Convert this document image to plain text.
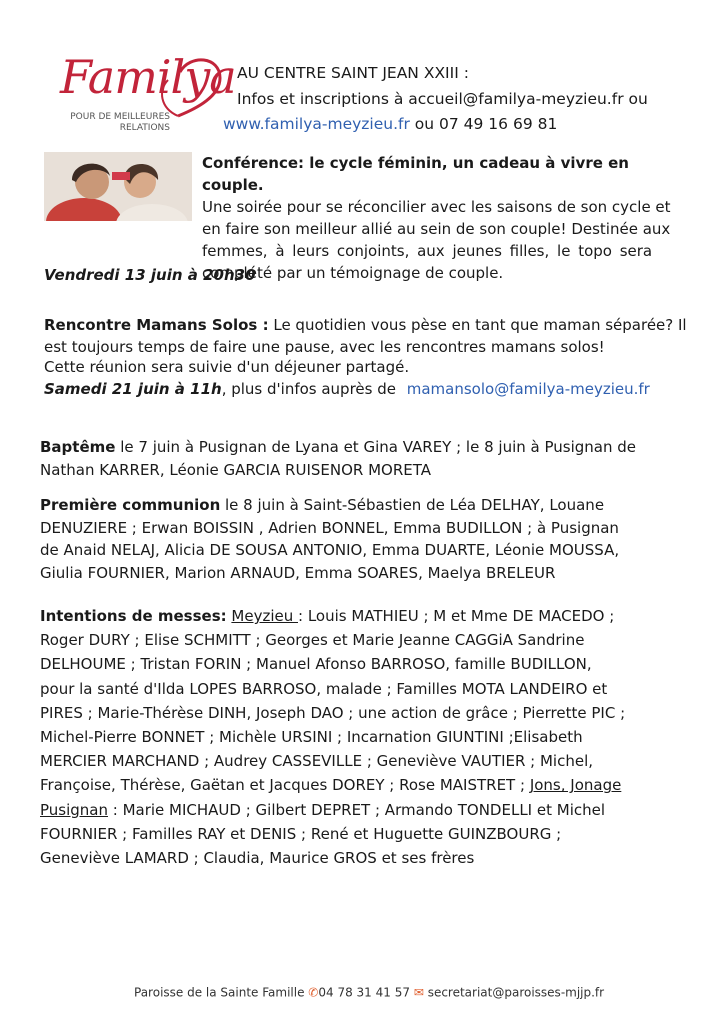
Familya
POUR DE MEILLEURES
RELATIONS
AU CENTRE SAINT JEAN XXIII :
Infos et inscriptions à accueil@familya-meyzieu.fr ou
www.familya-meyzieu.fr ou 07 49 16 69 81
Conférence: le cycle féminin, un cadeau à vivre en couple.
Une soirée pour se réconcilier avec les saisons de son cycle et
en faire son meilleur allié au sein de son couple! Destinée aux
femmes, à leurs conjoints, aux jeunes filles, le topo sera
complété par un témoignage de couple.
Vendredi 13 juin à 20h30
Rencontre Mamans Solos : Le quotidien vous pèse en tant que maman séparée? Il
est toujours temps de faire une pause, avec les rencontres mamans solos!
Cette réunion sera suivie d'un déjeuner partagé.
Samedi 21 juin à 11h, plus d'infos auprès de mamansolo@familya-meyzieu.fr
Baptême le 7 juin à Pusignan de Lyana et Gina VAREY ; le 8 juin à Pusignan de
Nathan KARRER, Léonie GARCIA RUISENOR MORETA
Première communion le 8 juin à Saint-Sébastien de Léa DELHAY, Louane
DENUZIERE ; Erwan BOISSIN , Adrien BONNEL, Emma BUDILLON ; à Pusignan
de Anaid NELAJ, Alicia DE SOUSA ANTONIO, Emma DUARTE, Léonie MOUSSA,
Giulia FOURNIER, Marion ARNAUD, Emma SOARES, Maelya BRELEUR
Intentions de messes: Meyzieu : Louis MATHIEU ; M et Mme DE MACEDO ;
Roger DURY ; Elise SCHMITT ; Georges et Marie Jeanne CAGGiA Sandrine
DELHOUME ; Tristan FORIN ; Manuel Afonso BARROSO, famille BUDILLON,
pour la santé d'Ilda LOPES BARROSO, malade ; Familles MOTA LANDEIRO et
PIRES ; Marie-Thérèse DINH, Joseph DAO ; une action de grâce ; Pierrette PIC ;
Michel-Pierre BONNET ; Michèle URSINI ; Incarnation GIUNTINI ;Elisabeth
MERCIER MARCHAND ; Audrey CASSEVILLE ; Geneviève VAUTIER ; Michel,
Françoise, Thérèse, Gaëtan et Jacques DOREY ; Rose MAISTRET ; Jons, Jonage
Pusignan : Marie MICHAUD ; Gilbert DEPRET ; Armando TONDELLI et Michel
FOURNIER ; Familles RAY et DENIS ; René et Huguette GUINZBOURG ;
Geneviève LAMARD ; Claudia, Maurice GROS et ses frères
Paroisse de la Sainte Famille ✆04 78 31 41 57 ✉ secretariat@paroisses-mjjp.fr
